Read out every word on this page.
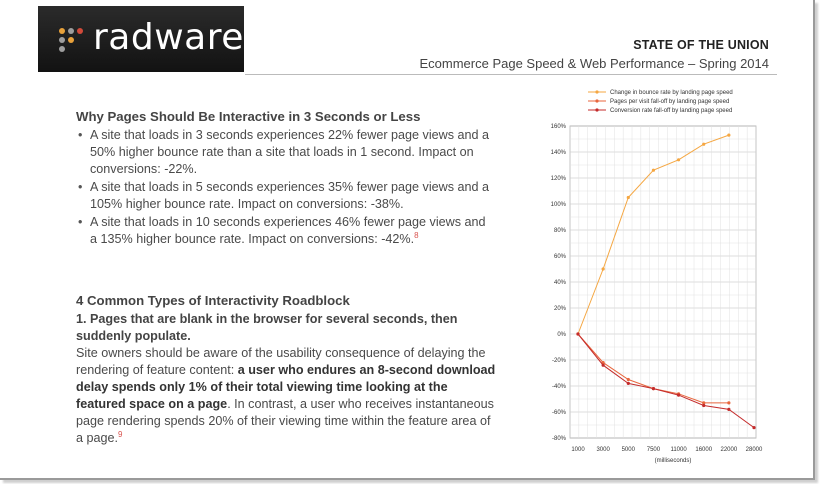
radware	STATE OF THE UNION
Ecommerce Page Speed & Web Performance – Spring 2014
Why Pages Should Be Interactive in 3 Seconds or Less
• A site that loads in 3 seconds experiences 22% fewer page views and a 50% higher bounce rate than a site that loads in 1 second. Impact on conversions: -22%.
• A site that loads in 5 seconds experiences 35% fewer page views and a 105% higher bounce rate. Impact on conversions: -38%.
• A site that loads in 10 seconds experiences 46% fewer page views and a 135% higher bounce rate. Impact on conversions: -42%.$^8$
4 Common Types of Interactivity Roadblock
1. Pages that are blank in the browser for several seconds, then suddenly populate.
Site owners should be aware of the usability consequence of delaying the rendering of feature content: a user who endures an 8-second download delay spends only 1% of their total viewing time looking at the featured space on a page. In contrast, a user who receives instantaneous page rendering spends 20% of their viewing time within the feature area of a page.$^9$
160%
140%
120%
100%
80%
60%
40%
20%
0%
-20%
-40%
-60%
-80%
1000 3000 5000 7500 11000 16000 22000 28000
(milliseconds)
Change in bounce rate by landing page speed
Pages per visit fall-off by landing page speed
Conversion rate fall-off by landing page speed
